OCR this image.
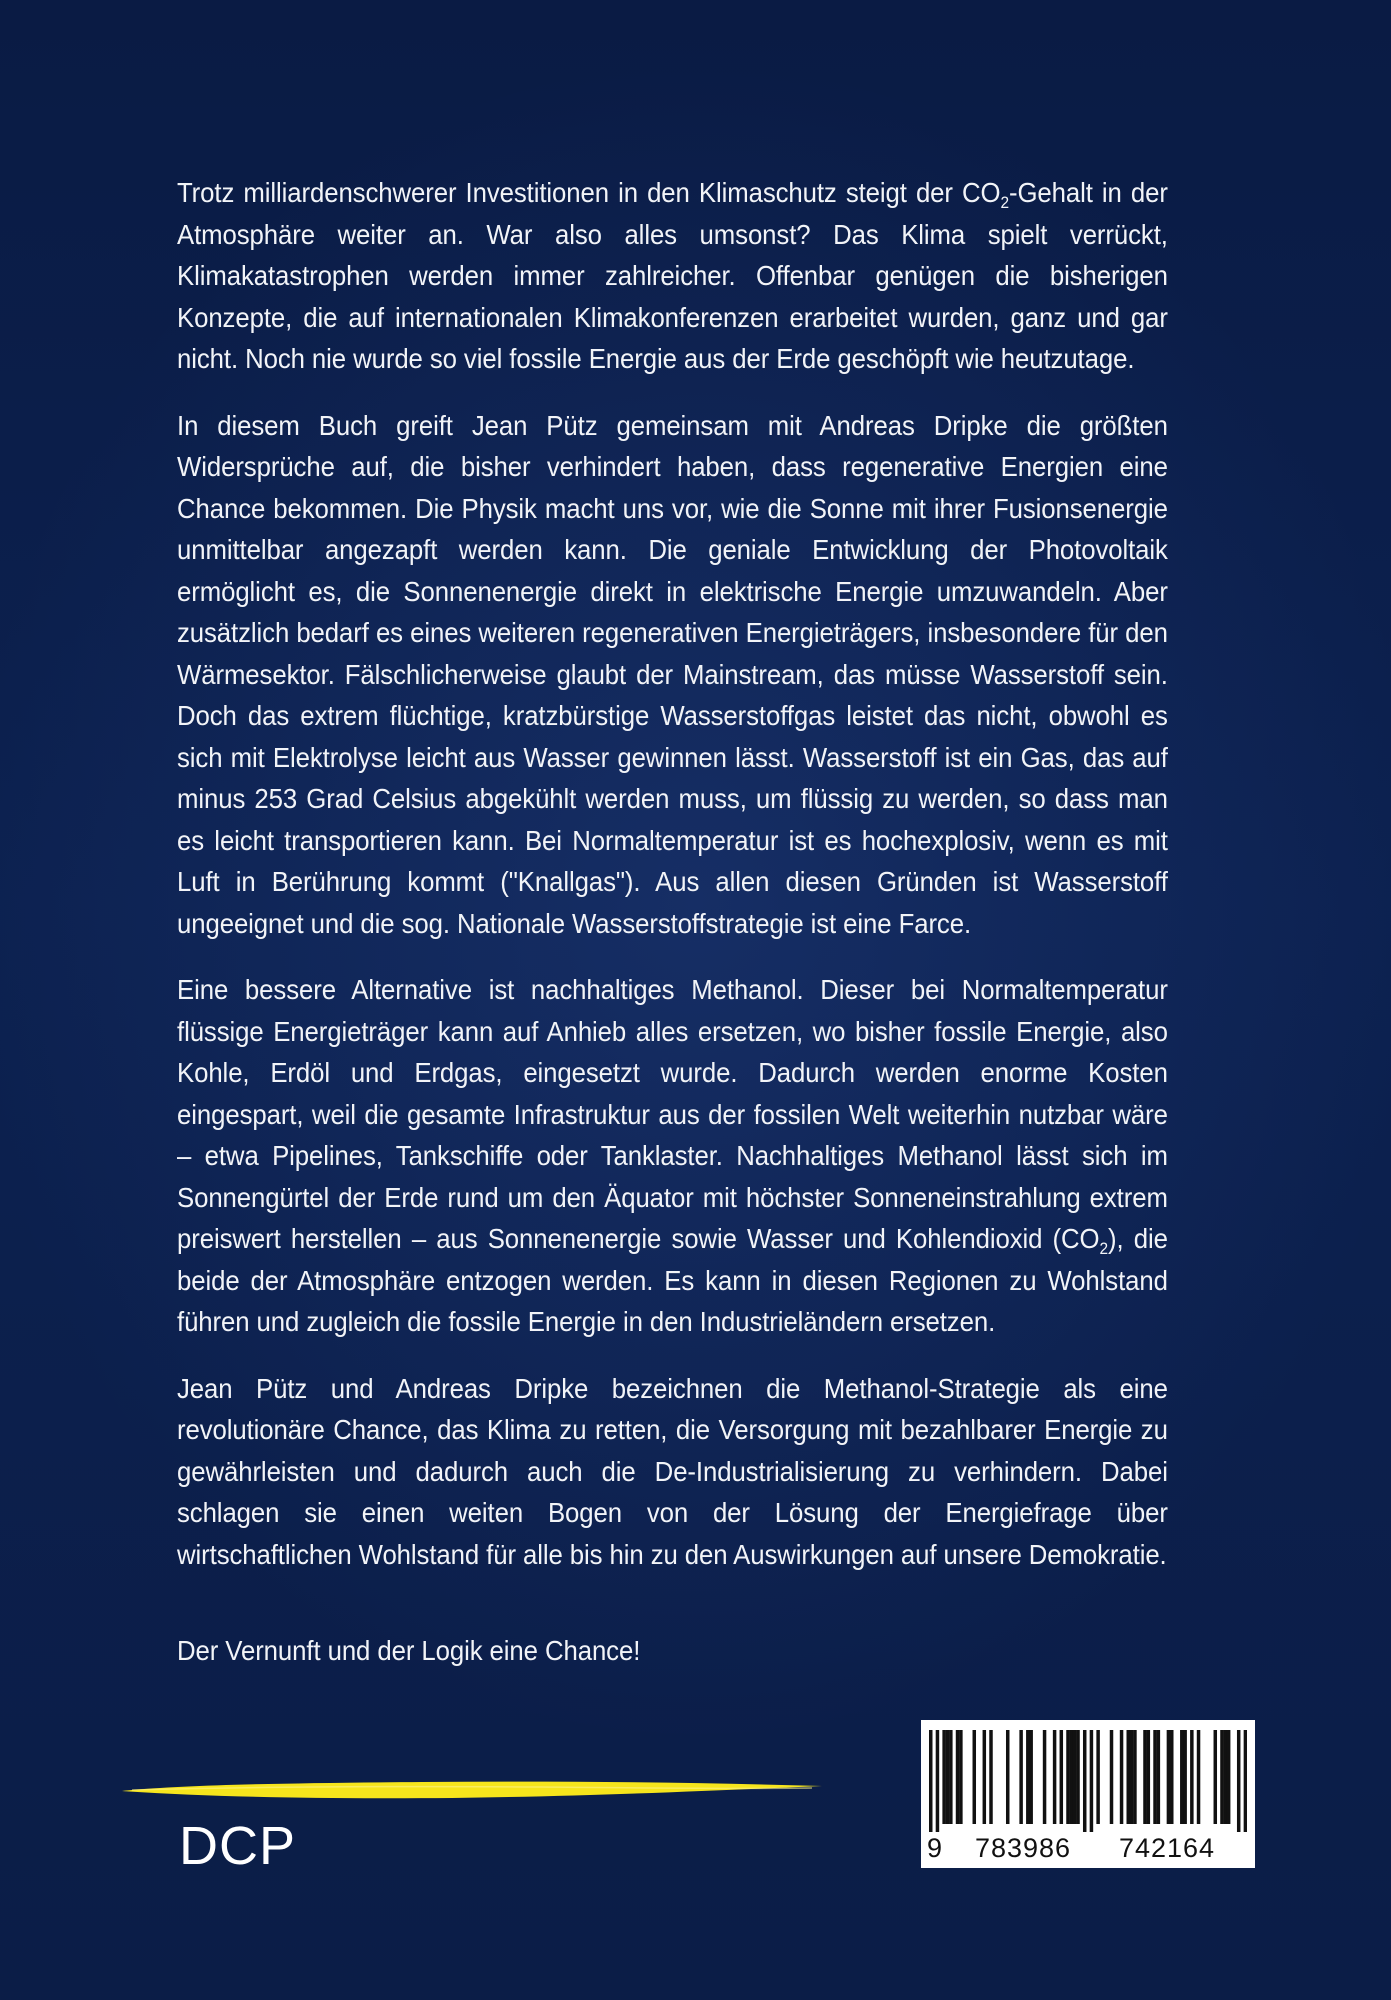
Trotz milliardenschwerer Investitionen in den Klimaschutz steigt der $CO_2$-Gehalt in der Atmosphäre weiter an. War also alles umsonst? Das Klima spielt verrückt, Klimakatastrophen werden immer zahlreicher. Offenbar genügen die bisherigen Konzepte, die auf internationalen Klimakonferenzen erarbeitet wurden, ganz und gar nicht. Noch nie wurde so viel fossile Energie aus der Erde geschöpft wie heutzutage.

In diesem Buch greift Jean Pütz gemeinsam mit Andreas Dripke die größten Widersprüche auf, die bisher verhindert haben, dass regenerative Energien eine Chance bekommen. Die Physik macht uns vor, wie die Sonne mit ihrer Fusionsenergie unmittelbar angezapft werden kann. Die geniale Entwicklung der Photovoltaik ermöglicht es, die Sonnenenergie direkt in elektrische Energie umzuwandeln. Aber zusätzlich bedarf es eines weiteren regenerativen Energieträgers, insbesondere für den Wärmesektor. Fälschlicherweise glaubt der Mainstream, das müsse Wasserstoff sein. Doch das extrem flüchtige, kratzbürstige Wasserstoffgas leistet das nicht, obwohl es sich mit Elektrolyse leicht aus Wasser gewinnen lässt. Wasserstoff ist ein Gas, das auf minus 253 Grad Celsius abgekühlt werden muss, um flüssig zu werden, so dass man es leicht transportieren kann. Bei Normaltemperatur ist es hochexplosiv, wenn es mit Luft in Berührung kommt ("Knallgas"). Aus allen diesen Gründen ist Wasserstoff ungeeignet und die sog. Nationale Wasserstoffstrategie ist eine Farce.

Eine bessere Alternative ist nachhaltiges Methanol. Dieser bei Normaltemperatur flüssige Energieträger kann auf Anhieb alles ersetzen, wo bisher fossile Energie, also Kohle, Erdöl und Erdgas, eingesetzt wurde. Dadurch werden enorme Kosten eingespart, weil die gesamte Infrastruktur aus der fossilen Welt weiterhin nutzbar wäre – etwa Pipelines, Tankschiffe oder Tanklaster. Nachhaltiges Methanol lässt sich im Sonnengürtel der Erde rund um den Äquator mit höchster Sonneneinstrahlung extrem preiswert herstellen – aus Sonnenenergie sowie Wasser und Kohlendioxid $(CO_2)$, die beide der Atmosphäre entzogen werden. Es kann in diesen Regionen zu Wohlstand führen und zugleich die fossile Energie in den Industrieländern ersetzen.

Jean Pütz und Andreas Dripke bezeichnen die Methanol-Strategie als eine revolutionäre Chance, das Klima zu retten, die Versorgung mit bezahlbarer Energie zu gewährleisten und dadurch auch die De-Industrialisierung zu verhindern. Dabei schlagen sie einen weiten Bogen von der Lösung der Energiefrage über wirtschaftlichen Wohlstand für alle bis hin zu den Auswirkungen auf unsere Demokratie.

Der Vernunft und der Logik eine Chance!

DCP	9	783986	742164
